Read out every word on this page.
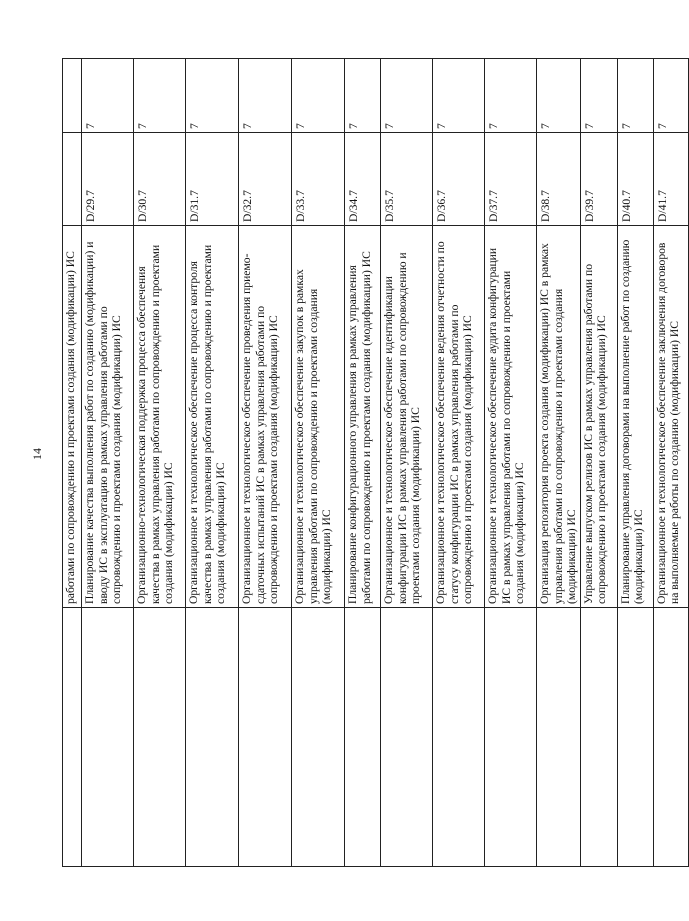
14
	работами по сопровождению и проектами создания (модификации) ИС		
	Планирование качества выполнения работ по созданию (модификации) и вводу ИС в эксплуатацию в рамках управления работами по сопровождению и проектами создания (модификации) ИС	D/29.7	7
	Организационно-технологическая поддержка процесса обеспечения качества в рамках управления работами по сопровождению и проектами создания (модификации) ИС	D/30.7	7
	Организационное и технологическое обеспечение процесса контроля качества в рамках управления работами по сопровождению и проектами создания (модификации) ИС	D/31.7	7
	Организационное и технологическое обеспечение проведения приемо-сдаточных испытаний ИС в рамках управления работами по сопровождению и проектами создания (модификации) ИС	D/32.7	7
	Организационное и технологическое обеспечение закупок в рамках управления работами по сопровождению и проектами создания (модификации) ИС	D/33.7	7
	Планирование конфигурационного управления в рамках управления работами по сопровождению и проектами создания (модификации) ИС	D/34.7	7
	Организационное и технологическое обеспечение идентификации конфигурации ИС в рамках управления работами по сопровождению и проектами создания (модификации) ИС	D/35.7	7
	Организационное и технологическое обеспечение ведения отчетности по статусу конфигурации ИС в рамках управления работами по сопровождению и проектами создания (модификации) ИС	D/36.7	7
	Организационное и технологическое обеспечение аудита конфигурации ИС в рамках управления работами по сопровождению и проектами создания (модификации) ИС	D/37.7	7
	Организация репозитория проекта создания (модификации) ИС в рамках управления работами по сопровождению и проектами создания (модификации) ИС	D/38.7	7
	Управление выпуском релизов ИС в рамках управления работами по сопровождению и проектами создания (модификации) ИС	D/39.7	7
	Планирование управления договорами на выполнение работ по созданию (модификации) ИС	D/40.7	7
	Организационное и технологическое обеспечение заключения договоров на выполняемые работы по созданию (модификации) ИС	D/41.7	7
